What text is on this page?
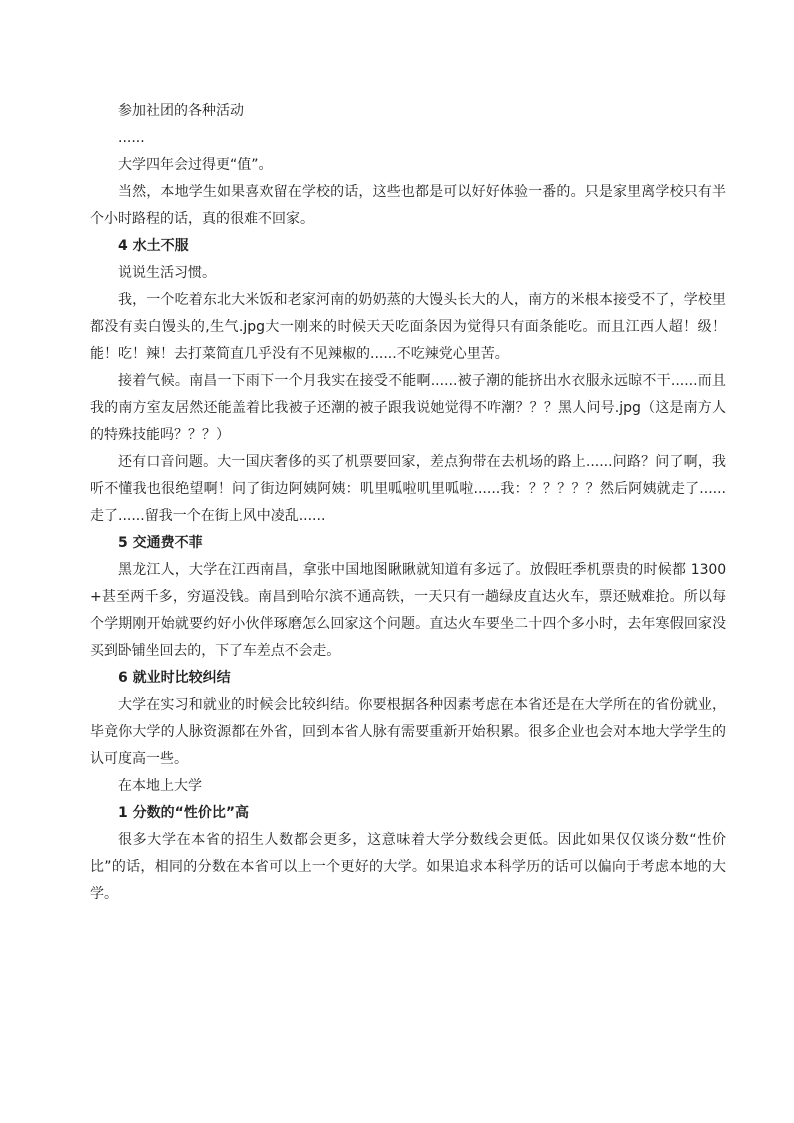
参加社团的各种活动

......

大学四年会过得更“值”。

当然，本地学生如果喜欢留在学校的话，这些也都是可以好好体验一番的。只是家里离学校只有半个小时路程的话，真的很难不回家。

4 水土不服

说说生活习惯。

我，一个吃着东北大米饭和老家河南的奶奶蒸的大馒头长大的人，南方的米根本接受不了，学校里都没有卖白馒头的,生气.jpg大一刚来的时候天天吃面条因为觉得只有面条能吃。而且江西人超！级！能！吃！辣！去打菜简直几乎没有不见辣椒的......不吃辣党心里苦。

接着气候。南昌一下雨下一个月我实在接受不能啊......被子潮的能挤出水衣服永远晾不干......而且我的南方室友居然还能盖着比我被子还潮的被子跟我说她觉得不咋潮？？？黑人问号.jpg（这是南方人的特殊技能吗？？？）

还有口音问题。大一国庆奢侈的买了机票要回家，差点狗带在去机场的路上......问路？问了啊，我听不懂我也很绝望啊！问了街边阿姨阿姨：叽里呱啦叽里呱啦......我：？？？？？然后阿姨就走了......走了......留我一个在街上风中凌乱......

5 交通费不菲

黑龙江人，大学在江西南昌，拿张中国地图瞅瞅就知道有多远了。放假旺季机票贵的时候都 1300+甚至两千多，穷逼没钱。南昌到哈尔滨不通高铁，一天只有一趟绿皮直达火车，票还贼难抢。所以每个学期刚开始就要约好小伙伴琢磨怎么回家这个问题。直达火车要坐二十四个多小时，去年寒假回家没买到卧铺坐回去的，下了车差点不会走。

6 就业时比较纠结

大学在实习和就业的时候会比较纠结。你要根据各种因素考虑在本省还是在大学所在的省份就业，毕竟你大学的人脉资源都在外省，回到本省人脉有需要重新开始积累。很多企业也会对本地大学学生的认可度高一些。

在本地上大学

1 分数的“性价比”高

很多大学在本省的招生人数都会更多，这意味着大学分数线会更低。因此如果仅仅谈分数“性价比”的话，相同的分数在本省可以上一个更好的大学。如果追求本科学历的话可以偏向于考虑本地的大学。
